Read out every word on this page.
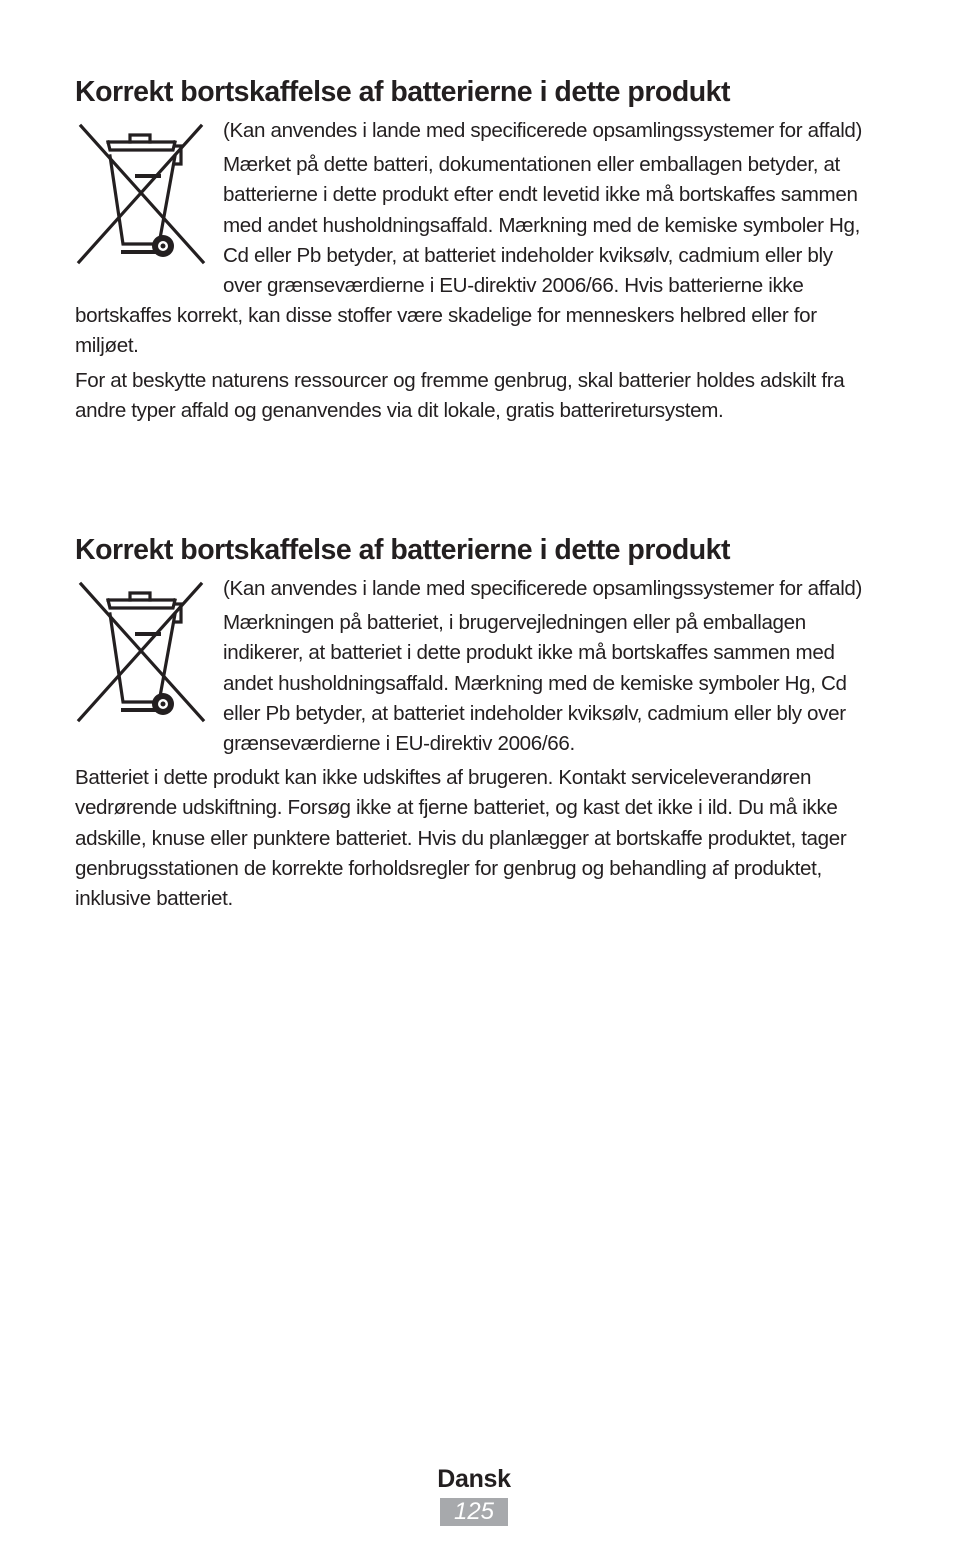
Korrekt bortskaffelse af batterierne i dette produkt

(Kan anvendes i lande med specificerede opsamlingssystemer for affald)

Mærket på dette batteri, dokumentationen eller emballagen betyder, at batterierne i dette produkt efter endt levetid ikke må bortskaffes sammen med andet husholdningsaffald. Mærkning med de kemiske symboler Hg, Cd eller Pb betyder, at batteriet indeholder kviksølv, cadmium eller bly over grænseværdierne i EU-direktiv 2006/66. Hvis batterierne ikke bortskaffes korrekt, kan disse stoffer være skadelige for menneskers helbred eller for miljøet.

For at beskytte naturens ressourcer og fremme genbrug, skal batterier holdes adskilt fra andre typer affald og genanvendes via dit lokale, gratis batteriretursystem.

Korrekt bortskaffelse af batterierne i dette produkt

(Kan anvendes i lande med specificerede opsamlingssystemer for affald)

Mærkningen på batteriet, i brugervejledningen eller på emballagen indikerer, at batteriet i dette produkt ikke må bortskaffes sammen med andet husholdningsaffald. Mærkning med de kemiske symboler Hg, Cd eller Pb betyder, at batteriet indeholder kviksølv, cadmium eller bly over grænseværdierne i EU-direktiv 2006/66.

Batteriet i dette produkt kan ikke udskiftes af brugeren. Kontakt serviceleverandøren vedrørende udskiftning. Forsøg ikke at fjerne batteriet, og kast det ikke i ild. Du må ikke adskille, knuse eller punktere batteriet. Hvis du planlægger at bortskaffe produktet, tager genbrugsstationen de korrekte forholdsregler for genbrug og behandling af produktet, inklusive batteriet.

Dansk
125
